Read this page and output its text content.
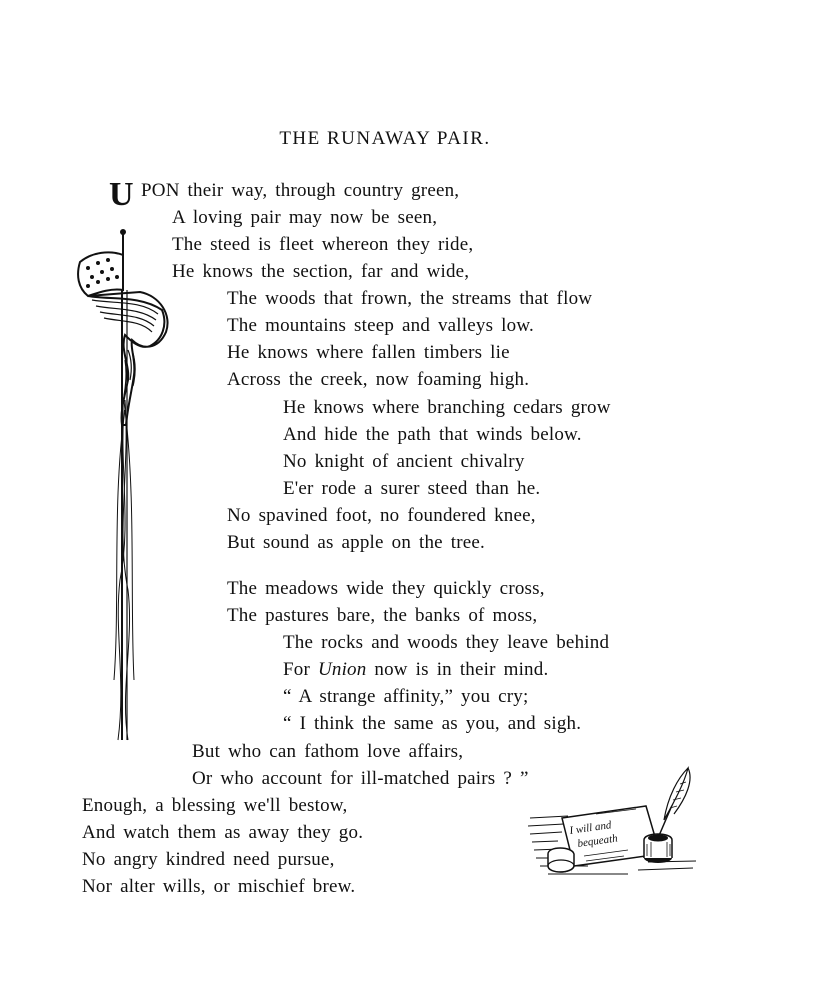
THE RUNAWAY PAIR.
U PON their way, through country green,
A loving pair may now be seen,
The steed is fleet whereon they ride,
He knows the section, far and wide,
The woods that frown, the streams that flow
The mountains steep and valleys low.
He knows where fallen timbers lie
Across the creek, now foaming high.
He knows where branching cedars grow
And hide the path that winds below.
No knight of ancient chivalry
E'er rode a surer steed than he.
No spavined foot, no foundered knee,
But sound as apple on the tree.
The meadows wide they quickly cross,
The pastures bare, the banks of moss,
The rocks and woods they leave behind
For Union now is in their mind.
“ A strange affinity,” you cry;
“ I think the same as you, and sigh.
But who can fathom love affairs,
Or who account for ill-matched pairs ? ”
Enough, a blessing we'll bestow,
And watch them as away they go.
No angry kindred need pursue,
Nor alter wills, or mischief brew.
I will and
bequeath
